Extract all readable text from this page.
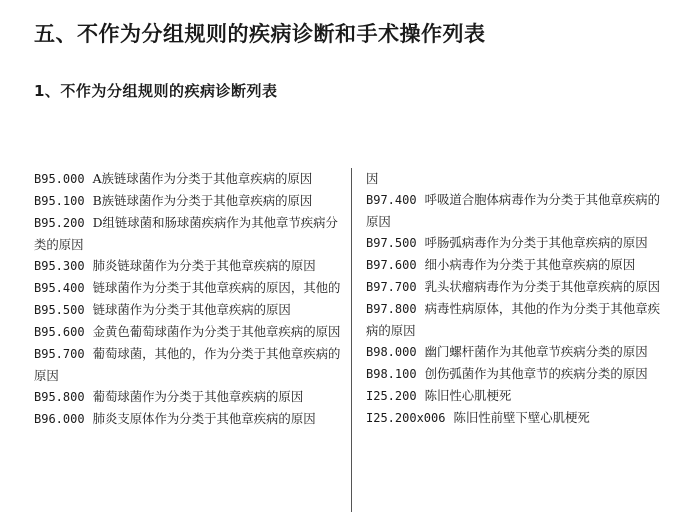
五、不作为分组规则的疾病诊断和手术操作列表
1、不作为分组规则的疾病诊断列表

B95.000 A族链球菌作为分类于其他章疾病的原因

B95.100 B族链球菌作为分类于其他章疾病的原因

B95.200 D组链球菌和肠球菌疾病作为其他章节疾病分类的原因

B95.300 肺炎链球菌作为分类于其他章疾病的原因

B95.400 链球菌作为分类于其他章疾病的原因，其他的

B95.500 链球菌作为分类于其他章疾病的原因

B95.600 金黄色葡萄球菌作为分类于其他章疾病的原因

B95.700 葡萄球菌，其他的，作为分类于其他章疾病的原因

B95.800 葡萄球菌作为分类于其他章疾病的原因

B96.000 肺炎支原体作为分类于其他章疾病的原因

因

B97.400 呼吸道合胞体病毒作为分类于其他章疾病的原因

B97.500 呼肠弧病毒作为分类于其他章疾病的原因

B97.600 细小病毒作为分类于其他章疾病的原因

B97.700 乳头状瘤病毒作为分类于其他章疾病的原因

B97.800 病毒性病原体，其他的作为分类于其他章疾病的原因

B98.000 幽门螺杆菌作为其他章节疾病分类的原因

B98.100 创伤弧菌作为其他章节的疾病分类的原因

I25.200 陈旧性心肌梗死

I25.200x006 陈旧性前壁下壁心肌梗死
